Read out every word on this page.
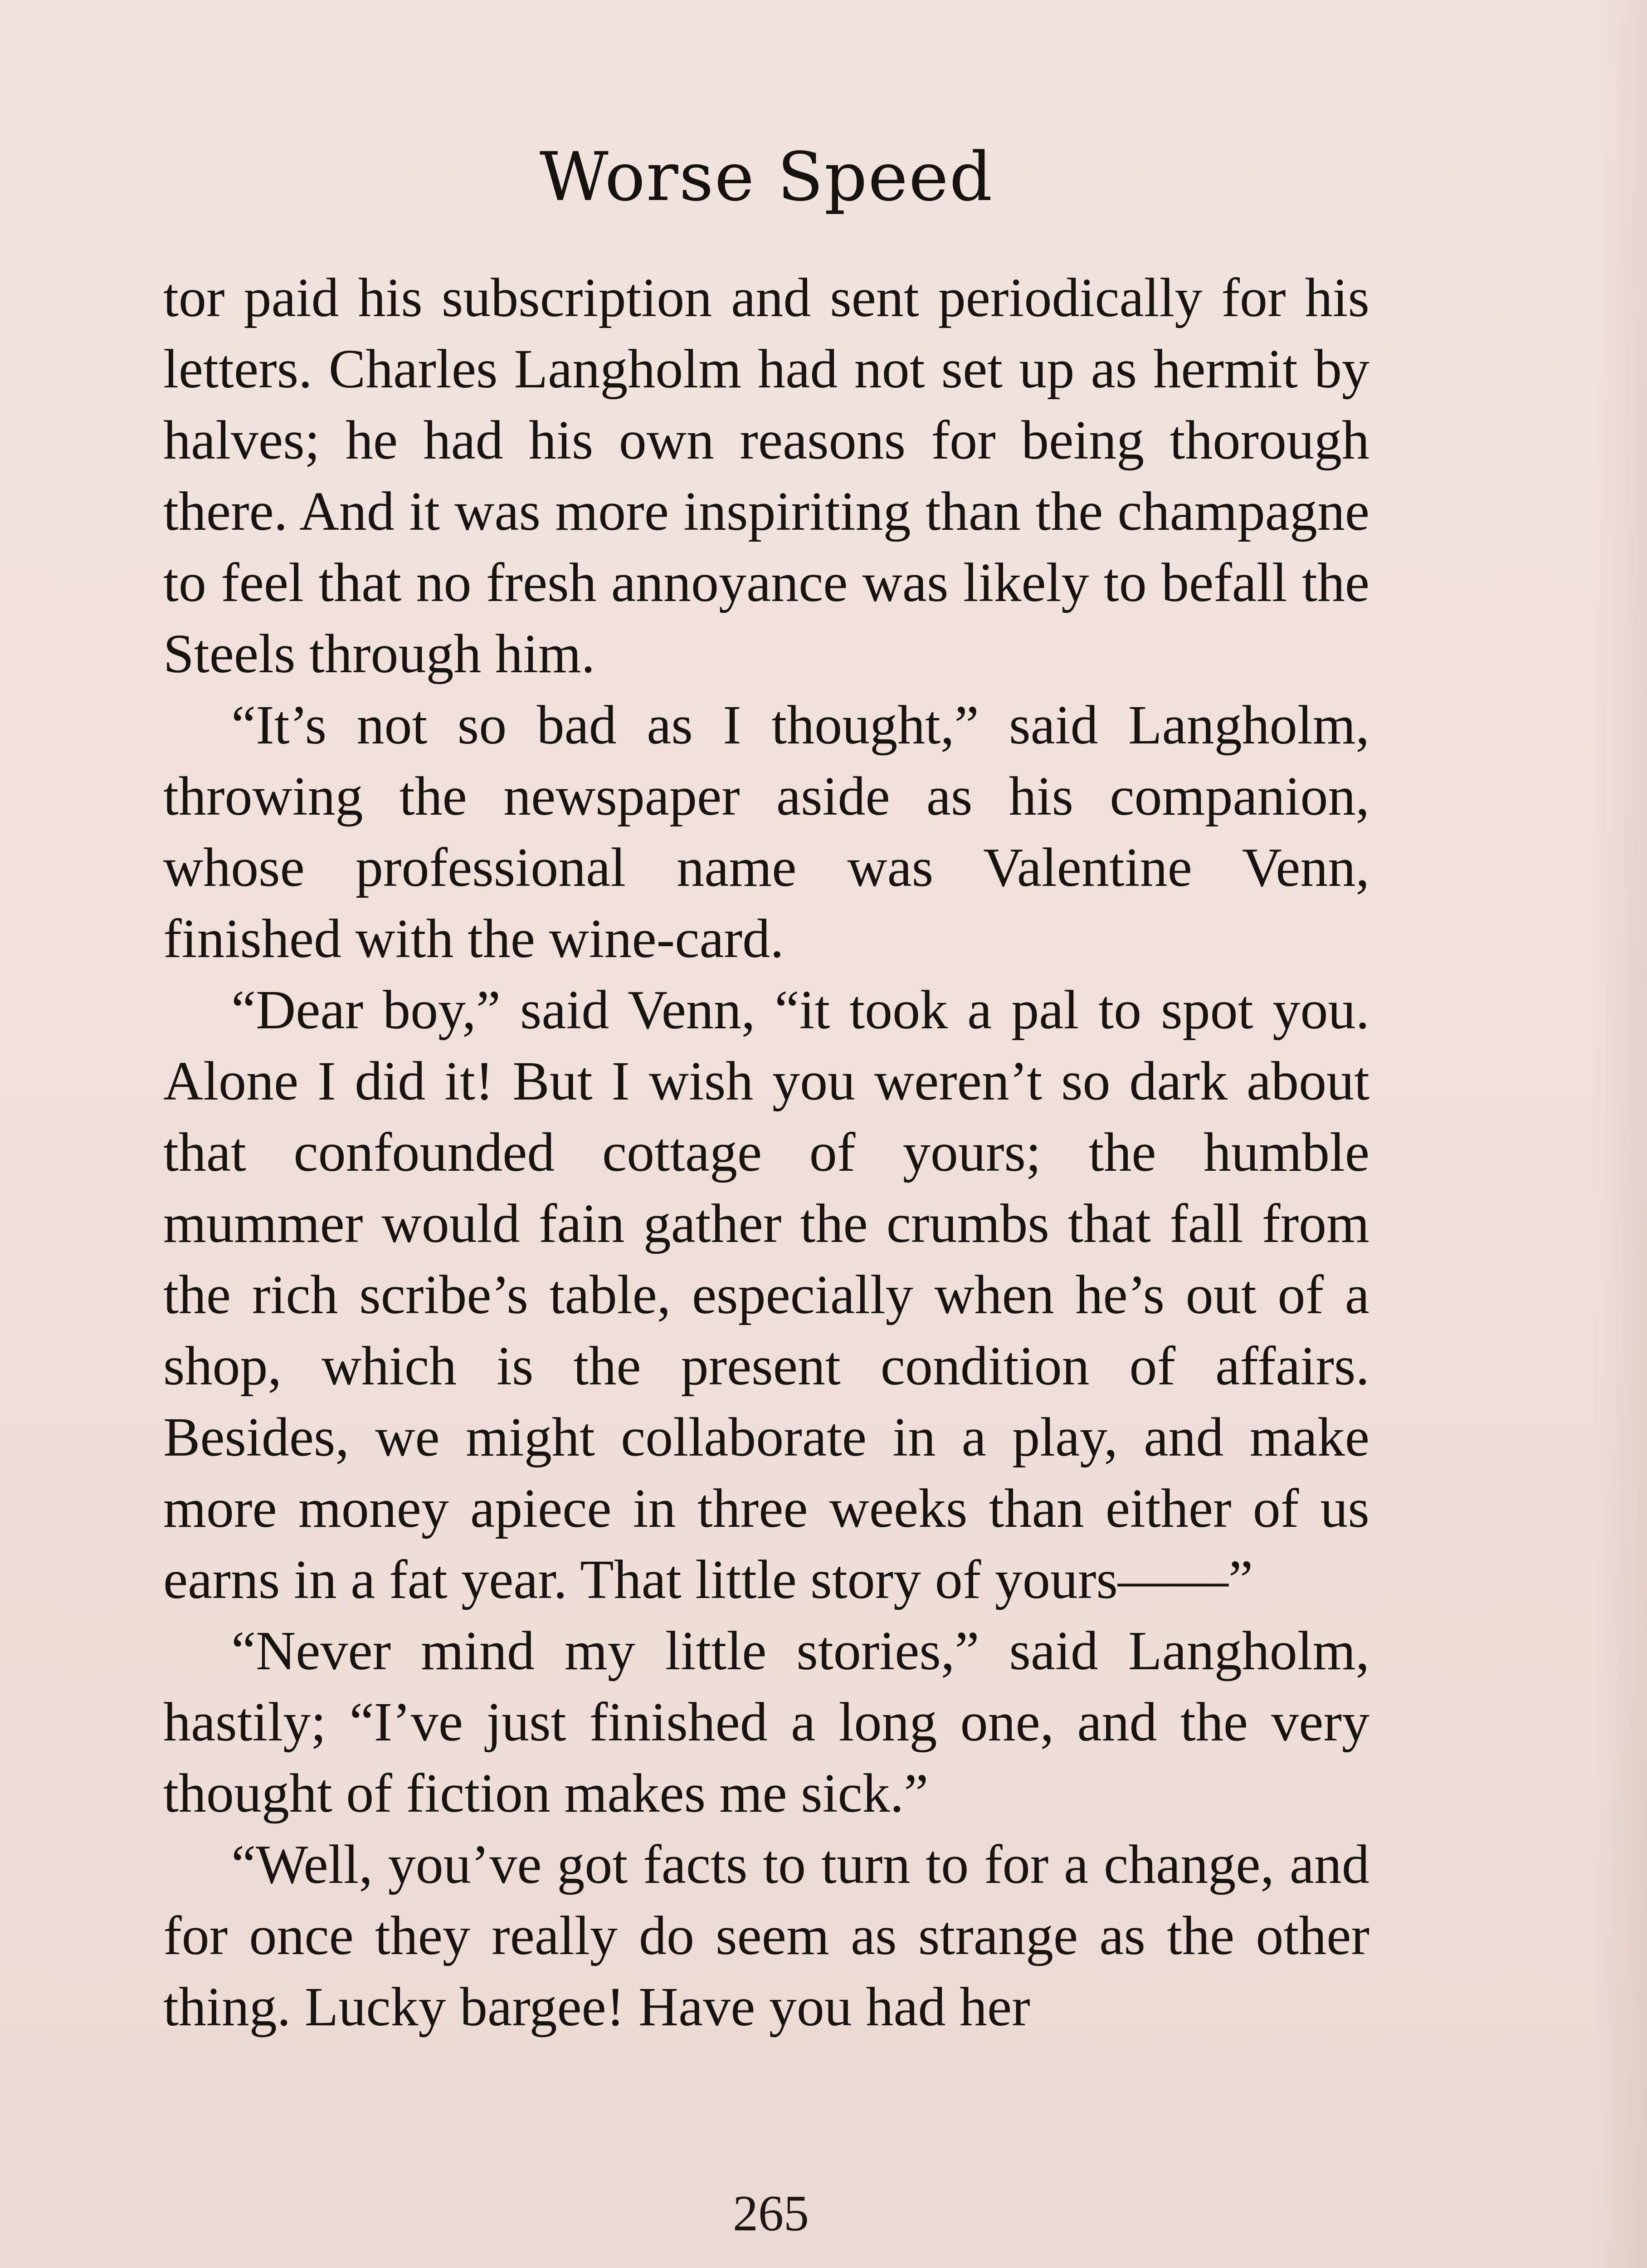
Worse Speed

tor paid his subscription and sent periodically for his letters. Charles Langholm had not set up as hermit by halves; he had his own reasons for being thorough there. And it was more inspiriting than the champagne to feel that no fresh annoyance was likely to befall the Steels through him.

“It’s not so bad as I thought,” said Langholm, throwing the newspaper aside as his companion, whose professional name was Valentine Venn, finished with the wine-card.

“Dear boy,” said Venn, “it took a pal to spot you. Alone I did it! But I wish you weren’t so dark about that confounded cottage of yours; the humble mummer would fain gather the crumbs that fall from the rich scribe’s table, especially when he’s out of a shop, which is the present condition of affairs. Besides, we might collaborate in a play, and make more money apiece in three weeks than either of us earns in a fat year. That little story of yours——”

“Never mind my little stories,” said Langholm, hastily; “I’ve just finished a long one, and the very thought of fiction makes me sick.”

“Well, you’ve got facts to turn to for a change, and for once they really do seem as strange as the other thing. Lucky bargee! Have you had her

265
